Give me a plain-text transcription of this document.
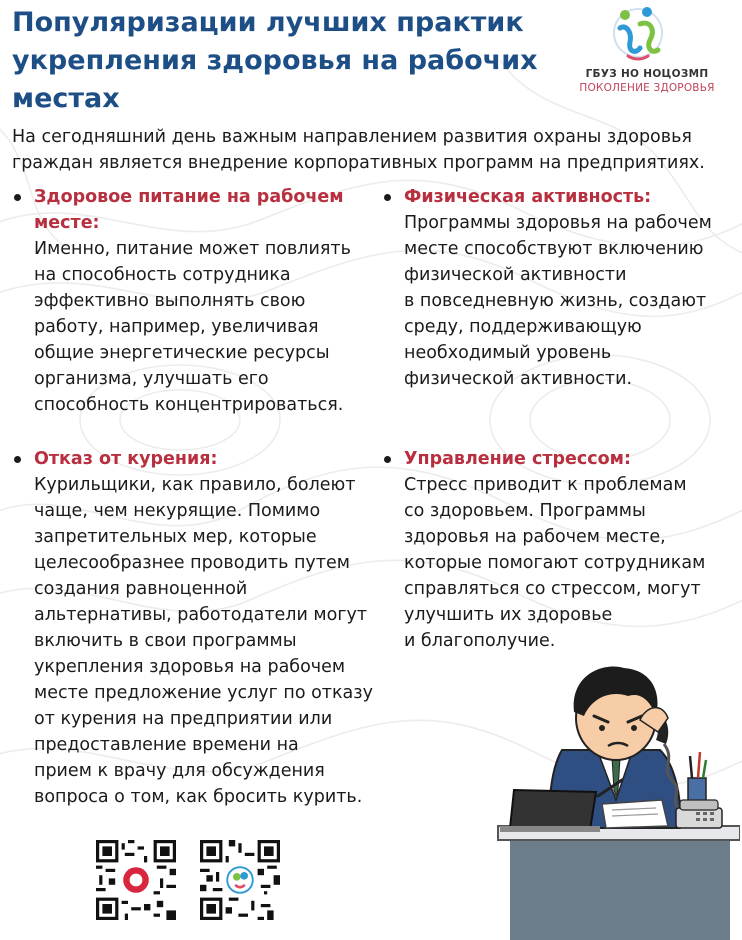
Популяризации лучших практик укрепления здоровья на рабочих местах
ГБУЗ НО НОЦОЗМП
ПОКОЛЕНИЕ ЗДОРОВЬЯ

На сегодняшний день важным направлением развития охраны здоровья граждан является внедрение корпоративных программ на предприятиях.

Здоровое питание на рабочем месте:
Именно, питание может повлиять
на способность сотрудника
эффективно выполнять свою
работу, например, увеличивая
общие энергетические ресурсы
организма, улучшать его
способность концентрироваться.
Физическая активность:
Программы здоровья на рабочем
месте способствуют включению
физической активности
в повседневную жизнь, создают
среду, поддерживающую
необходимый уровень
физической активности.
Отказ от курения:
Курильщики, как правило, болеют
чаще, чем некурящие. Помимо
запретительных мер, которые
целесообразнее проводить путем
создания равноценной
альтернативы, работодатели могут
включить в свои программы
укрепления здоровья на рабочем
месте предложение услуг по отказу
от курения на предприятии или
предоставление времени на
прием к врачу для обсуждения
вопроса о том, как бросить курить.
Управление стрессом:
Стресс приводит к проблемам
со здоровьем. Программы
здоровья на рабочем месте,
которые помогают сотрудникам
справляться со стрессом, могут
улучшить их здоровье
и благополучие.
